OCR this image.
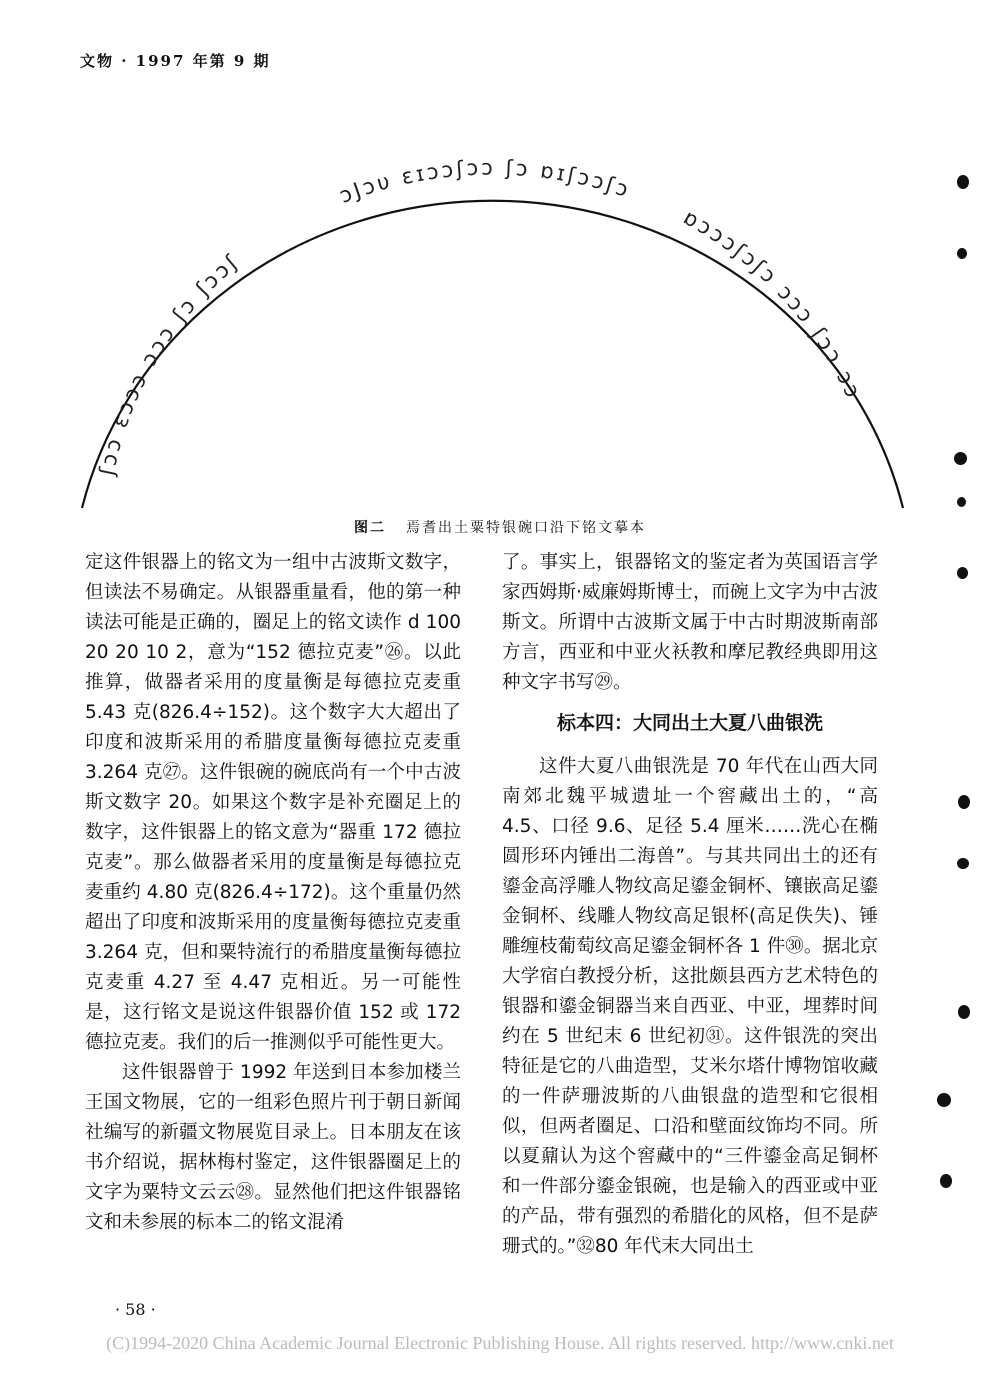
文物 · 1997 年第 9 期
ʃɔɔ ɛɔɔɔ ɔɔɔ ʃɔ ʃɔɔʃ
ɔJɔυ ɛɪɔɔʃɔɔ ʃɔ ɒɪʃɔɔʃɔ
ɒɔɔɔʃɔʃɔ ɔɔɔ ʃɔɔ ɔɔ
图二 焉耆出土粟特银碗口沿下铭文摹本

定这件银器上的铭文为一组中古波斯文数字，但读法不易确定。从银器重量看，他的第一种读法可能是正确的，圈足上的铭文读作 d 100 20 20 10 2，意为“152 德拉克麦”㉖。以此推算，做器者采用的度量衡是每德拉克麦重 5.43 克(826.4÷152)。这个数字大大超出了印度和波斯采用的希腊度量衡每德拉克麦重 3.264 克㉗。这件银碗的碗底尚有一个中古波斯文数字 20。如果这个数字是补充圈足上的数字，这件银器上的铭文意为“器重 172 德拉克麦”。那么做器者采用的度量衡是每德拉克麦重约 4.80 克(826.4÷172)。这个重量仍然超出了印度和波斯采用的度量衡每德拉克麦重 3.264 克，但和粟特流行的希腊度量衡每德拉克麦重 4.27 至 4.47 克相近。另一可能性是，这行铭文是说这件银器价值 152 或 172 德拉克麦。我们的后一推测似乎可能性更大。

这件银器曾于 1992 年送到日本参加楼兰王国文物展，它的一组彩色照片刊于朝日新闻社编写的新疆文物展览目录上。日本朋友在该书介绍说，据林梅村鉴定，这件银器圈足上的文字为粟特文云云㉘。显然他们把这件银器铭文和未参展的标本二的铭文混淆

了。事实上，银器铭文的鉴定者为英国语言学家西姆斯·威廉姆斯博士，而碗上文字为中古波斯文。所谓中古波斯文属于中古时期波斯南部方言，西亚和中亚火袄教和摩尼教经典即用这种文字书写㉙。

标本四：大同出土大夏八曲银洗

这件大夏八曲银洗是 70 年代在山西大同南郊北魏平城遗址一个窖藏出土的，“高 4.5、口径 9.6、足径 5.4 厘米……洗心在椭圆形环内锤出二海兽”。与其共同出土的还有鎏金高浮雕人物纹高足鎏金铜杯、镶嵌高足鎏金铜杯、线雕人物纹高足银杯(高足佚失)、锤雕缠枝葡萄纹高足鎏金铜杯各 1 件㉚。据北京大学宿白教授分析，这批颇县西方艺术特色的银器和鎏金铜器当来自西亚、中亚，埋葬时间约在 5 世纪末 6 世纪初㉛。这件银洗的突出特征是它的八曲造型，艾米尔塔什博物馆收藏的一件萨珊波斯的八曲银盘的造型和它很相似，但两者圈足、口沿和壁面纹饰均不同。所以夏鼐认为这个窖藏中的“三件鎏金高足铜杯和一件部分鎏金银碗，也是输入的西亚或中亚的产品，带有强烈的希腊化的风格，但不是萨珊式的。”㉜80 年代末大同出土

· 58 ·
(C)1994-2020 China Academic Journal Electronic Publishing House. All rights reserved. http://www.cnki.net
